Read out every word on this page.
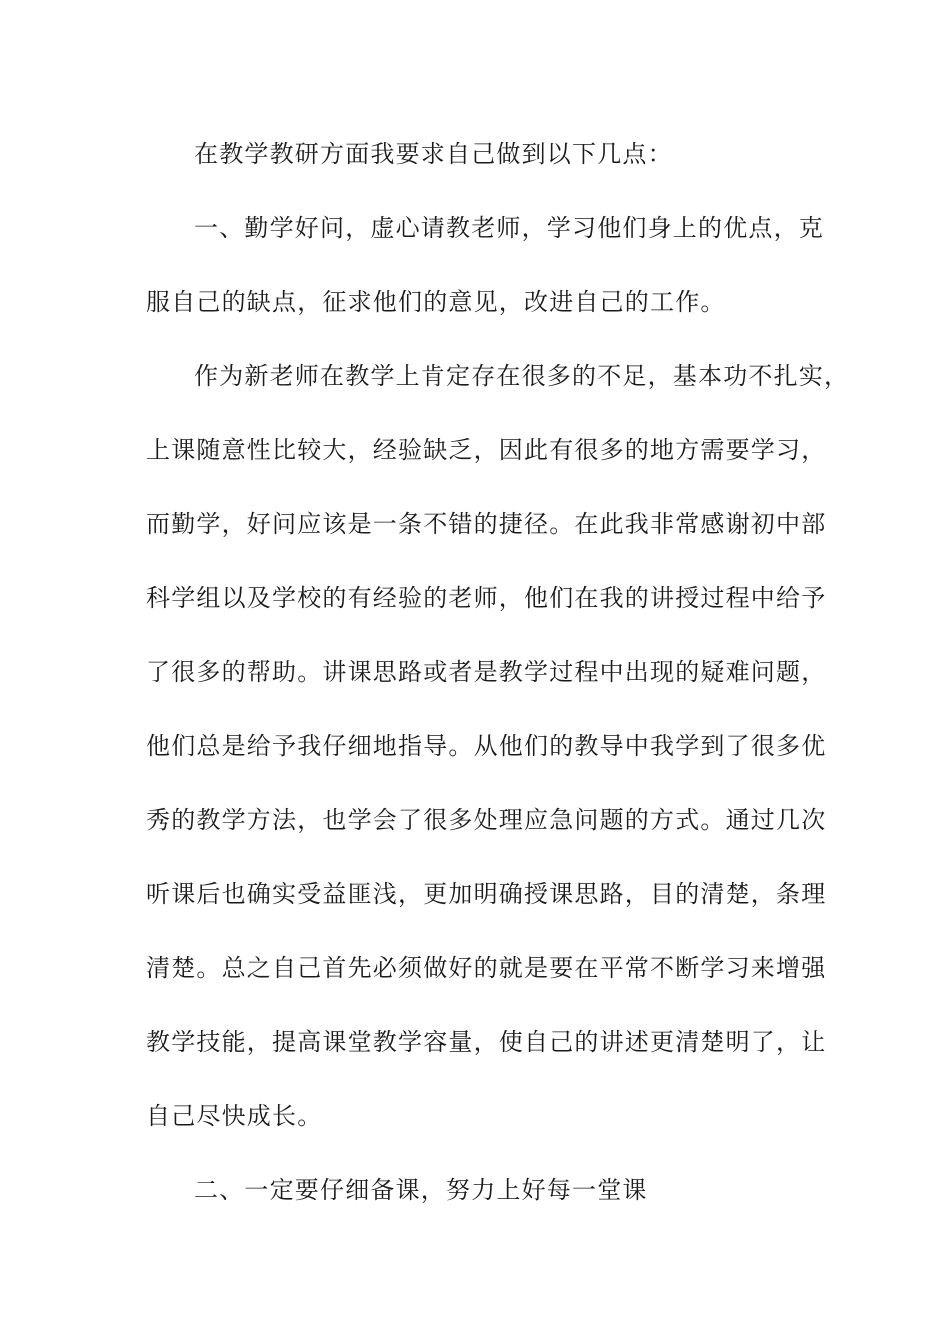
在教学教研方面我要求自己做到以下几点：
一、勤学好问，虚心请教老师，学习他们身上的优点，克
服自己的缺点，征求他们的意见，改进自己的工作。
作为新老师在教学上肯定存在很多的不足，基本功不扎实，
上课随意性比较大，经验缺乏，因此有很多的地方需要学习，
而勤学，好问应该是一条不错的捷径。在此我非常感谢初中部
科学组以及学校的有经验的老师，他们在我的讲授过程中给予
了很多的帮助。讲课思路或者是教学过程中出现的疑难问题，
他们总是给予我仔细地指导。从他们的教导中我学到了很多优
秀的教学方法，也学会了很多处理应急问题的方式。通过几次
听课后也确实受益匪浅，更加明确授课思路，目的清楚，条理
清楚。总之自己首先必须做好的就是要在平常不断学习来增强
教学技能，提高课堂教学容量，使自己的讲述更清楚明了，让
自己尽快成长。
二、一定要仔细备课，努力上好每一堂课
